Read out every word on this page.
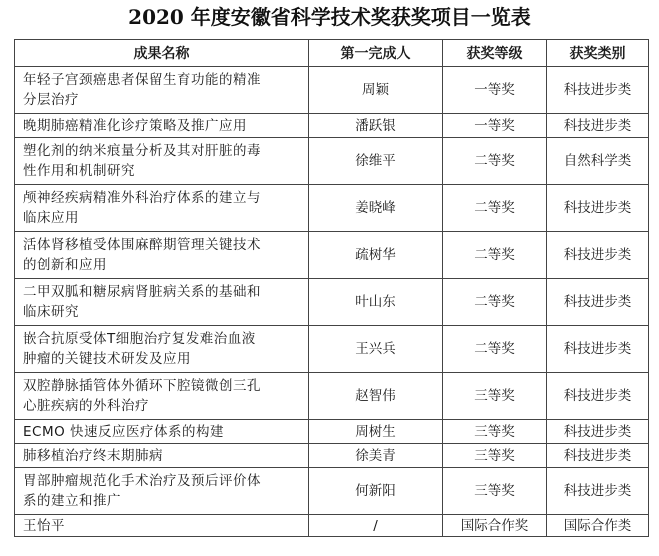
2020 年度安徽省科学技术奖获奖项目一览表
成果名称	第一完成人	获奖等级	获奖类别

年轻子宫颈癌患者保留生育功能的精准
分层治疗	周颖	一等奖	科技进步类

晚期肺癌精准化诊疗策略及推广应用	潘跃银	一等奖	科技进步类

塑化剂的纳米痕量分析及其对肝脏的毒
性作用和机制研究	徐维平	二等奖	自然科学类

颅神经疾病精准外科治疗体系的建立与
临床应用	姜晓峰	二等奖	科技进步类

活体肾移植受体围麻醉期管理关键技术
的创新和应用	疏树华	二等奖	科技进步类

二甲双胍和糖尿病肾脏病关系的基础和
临床研究	叶山东	二等奖	科技进步类

嵌合抗原受体T细胞治疗复发难治血液
肿瘤的关键技术研发及应用	王兴兵	二等奖	科技进步类

双腔静脉插管体外循环下腔镜微创三孔
心脏疾病的外科治疗	赵智伟	三等奖	科技进步类

ECMO 快速反应医疗体系的构建	周树生	三等奖	科技进步类

肺移植治疗终末期肺病	徐美青	三等奖	科技进步类

胃部肿瘤规范化手术治疗及预后评价体
系的建立和推广	何新阳	三等奖	科技进步类

王怡平	/	国际合作奖	国际合作类
